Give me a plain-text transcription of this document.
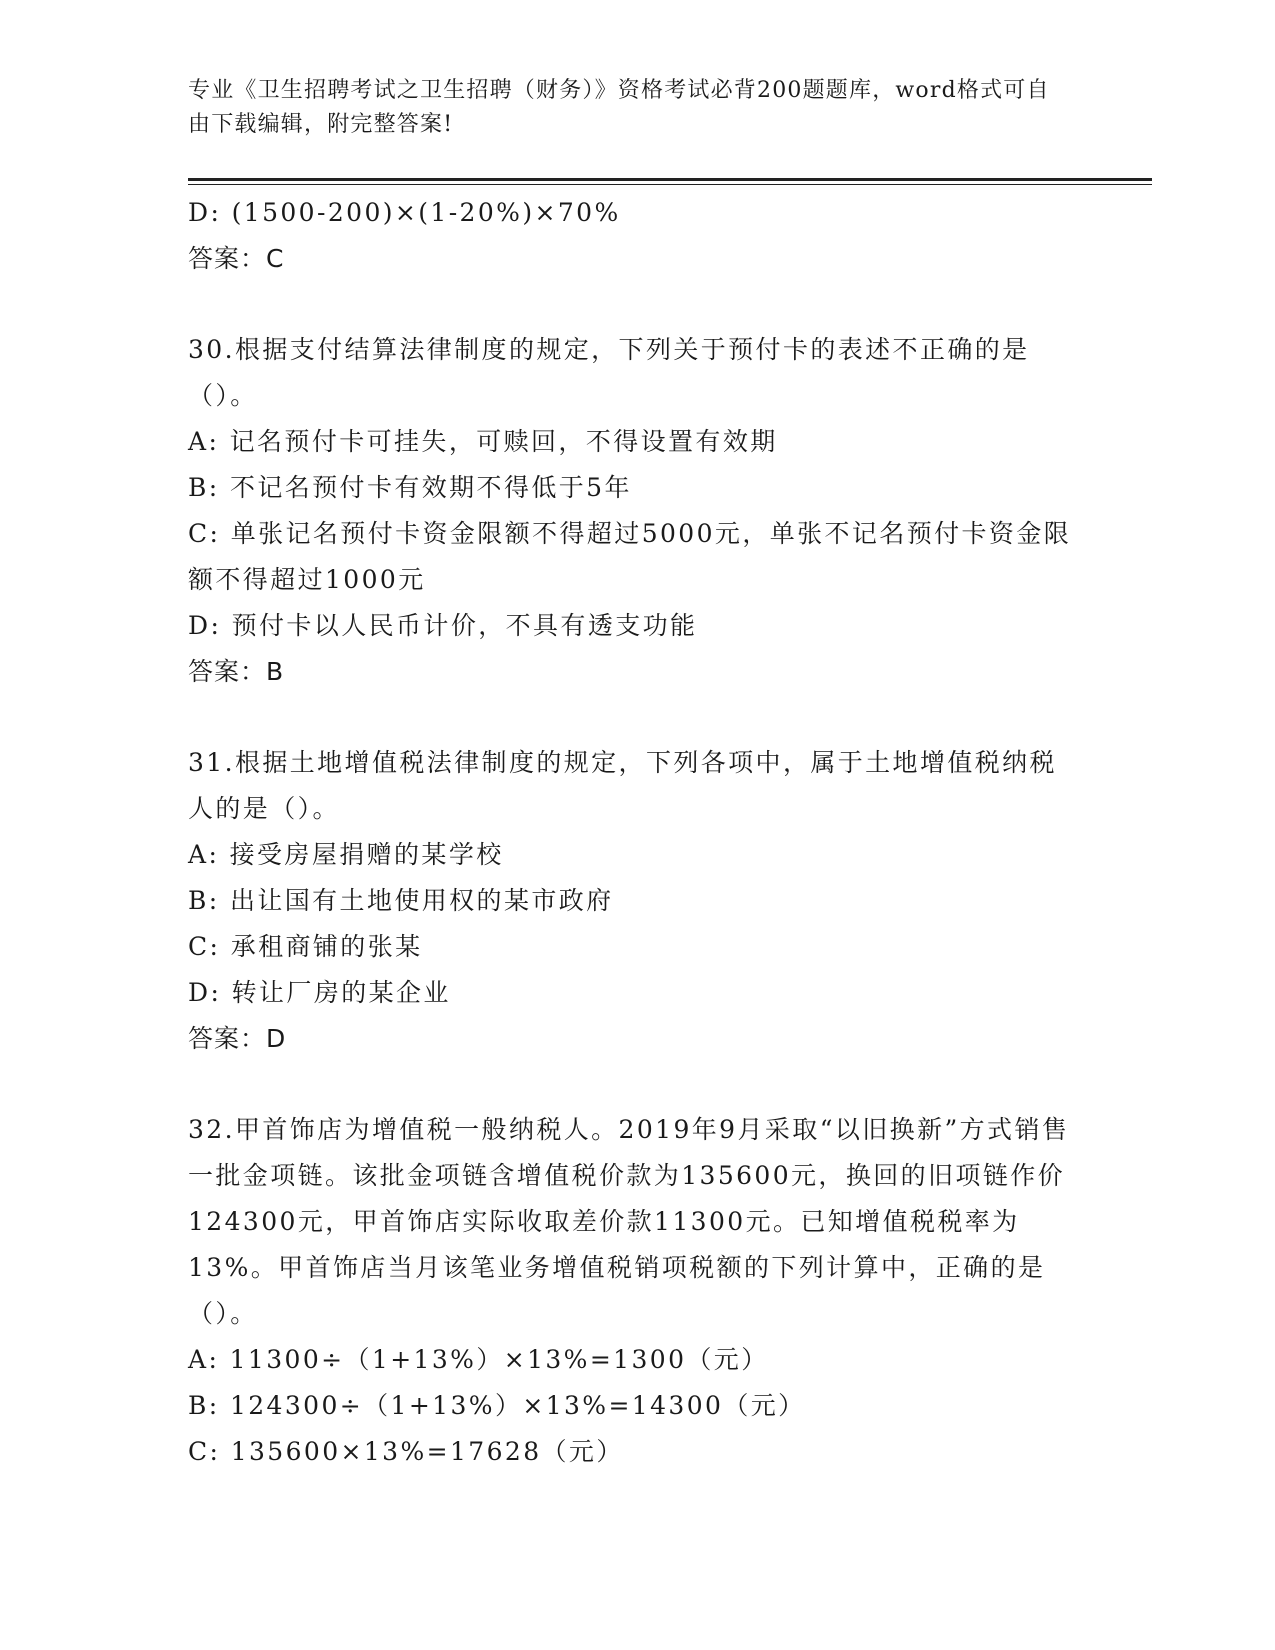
专业《卫生招聘考试之卫生招聘（财务）》资格考试必背200题题库，word格式可自由下载编辑，附完整答案!

D: (1500-200)×(1-20%)×70%

答案：C

30.根据支付结算法律制度的规定，下列关于预付卡的表述不正确的是（）。

A: 记名预付卡可挂失，可赎回，不得设置有效期

B: 不记名预付卡有效期不得低于5年

C: 单张记名预付卡资金限额不得超过5000元，单张不记名预付卡资金限额不得超过1000元

D: 预付卡以人民币计价，不具有透支功能

答案：B

31.根据土地增值税法律制度的规定，下列各项中，属于土地增值税纳税人的是（）。

A: 接受房屋捐赠的某学校

B: 出让国有土地使用权的某市政府

C: 承租商铺的张某

D: 转让厂房的某企业

答案：D

32.甲首饰店为增值税一般纳税人。2019年9月采取“以旧换新”方式销售一批金项链。该批金项链含增值税价款为135600元，换回的旧项链作价124300元，甲首饰店实际收取差价款11300元。已知增值税税率为13%。甲首饰店当月该笔业务增值税销项税额的下列计算中，正确的是（）。

A: 11300÷（1+13%）×13%=1300（元）

B: 124300÷（1+13%）×13%=14300（元）

C: 135600×13%=17628（元）
